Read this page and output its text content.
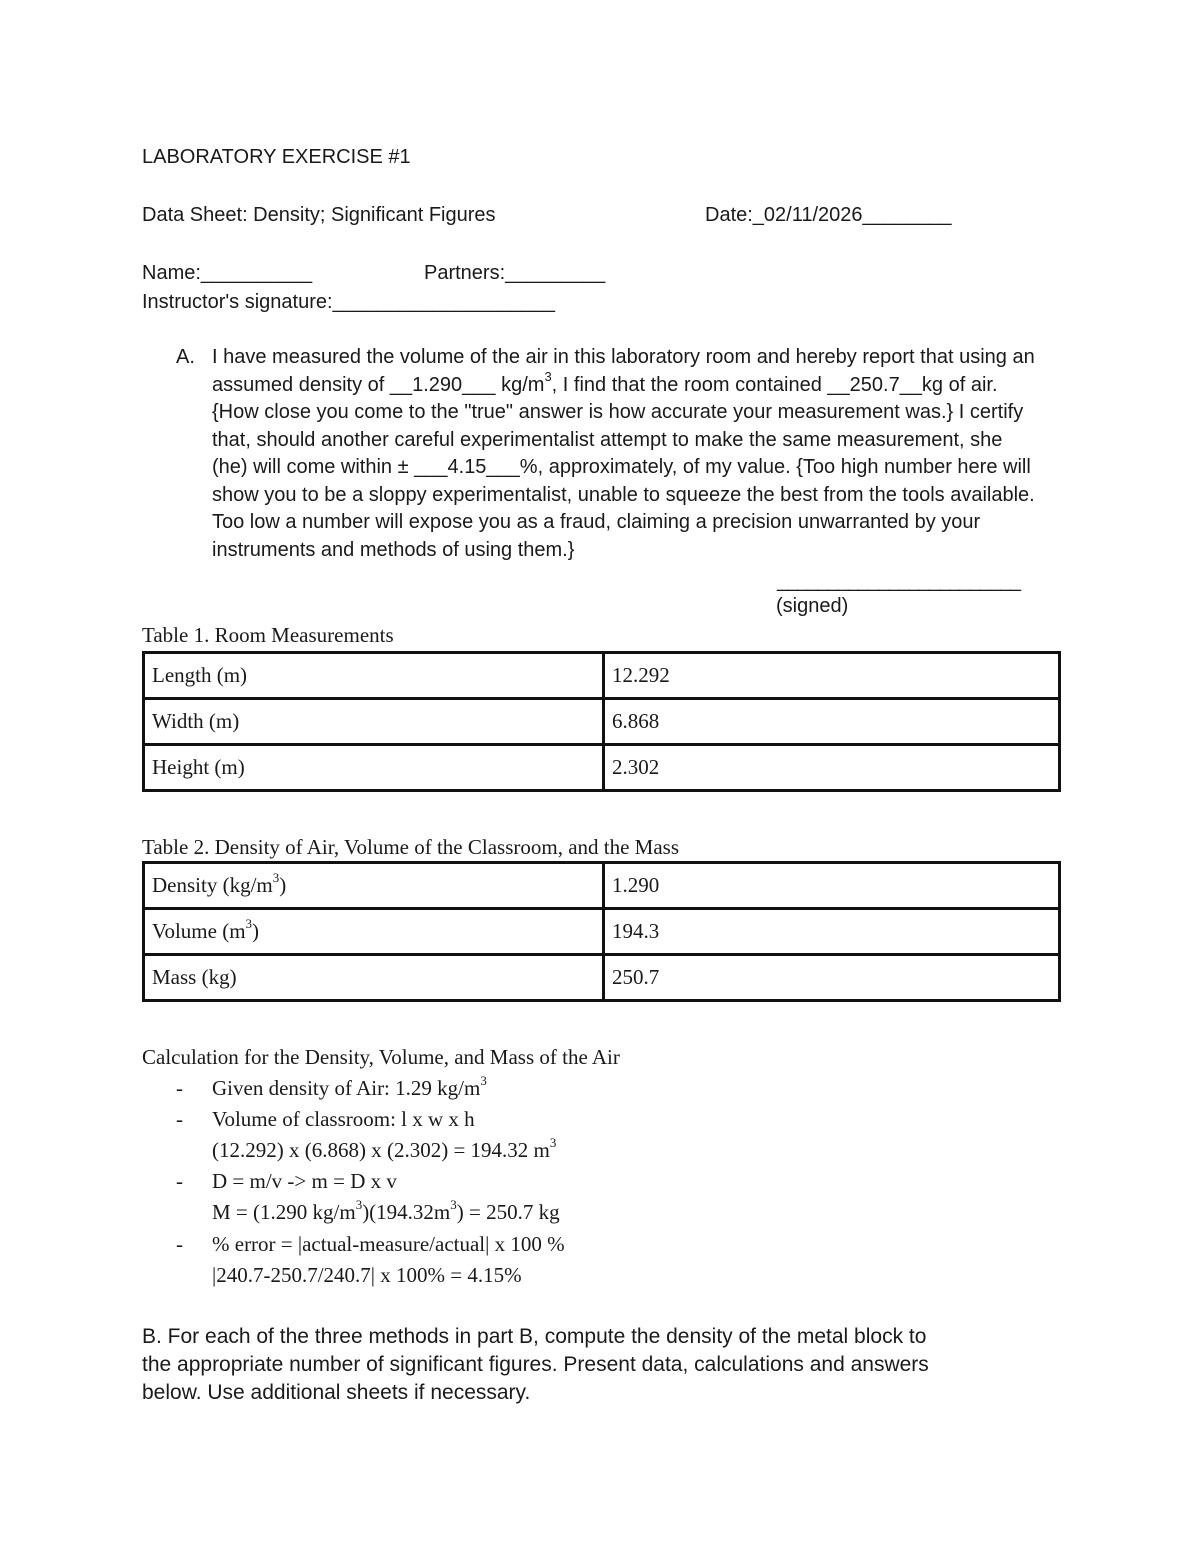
LABORATORY EXERCISE #1
Data Sheet: Density; Significant Figures	Date:_02/11/2026________
Name:__________	Partners:_________
Instructor's signature:____________________
A. I have measured the volume of the air in this laboratory room and hereby report that using an
assumed density of __1.290___ $kg/m^3$, I find that the room contained __250.7__kg of air.
{How close you come to the "true" answer is how accurate your measurement was.} I certify
that, should another careful experimentalist attempt to make the same measurement, she
(he) will come within ± ___4.15___%, approximately, of my value. {Too high number here will
show you to be a sloppy experimentalist, unable to squeeze the best from the tools available.
Too low a number will expose you as a fraud, claiming a precision unwarranted by your
instruments and methods of using them.}
________________________
(signed)
Table 1. Room Measurements
Length (m)	12.292
Width (m)	6.868
Height (m)	2.302
Table 2. Density of Air, Volume of the Classroom, and the Mass
Density $(kg/m^3)$	1.290
Volume $(m^3)$	194.3
Mass (kg)	250.7
Calculation for the Density, Volume, and Mass of the Air
- Given density of Air: 1.29 $kg/m^3$
- Volume of classroom: l x w x h
(12.292) x (6.868) x (2.302) = 194.32 $m^3$
- D = m/v -> m = D x v
M = (1.290 $kg/m^3)(194.32m^3) = 250.7$ kg
- % error = |actual-measure/actual| x 100 %
|240.7-250.7/240.7| x 100% = 4.15%
B. For each of the three methods in part B, compute the density of the metal block to
the appropriate number of significant figures. Present data, calculations and answers
below. Use additional sheets if necessary.
